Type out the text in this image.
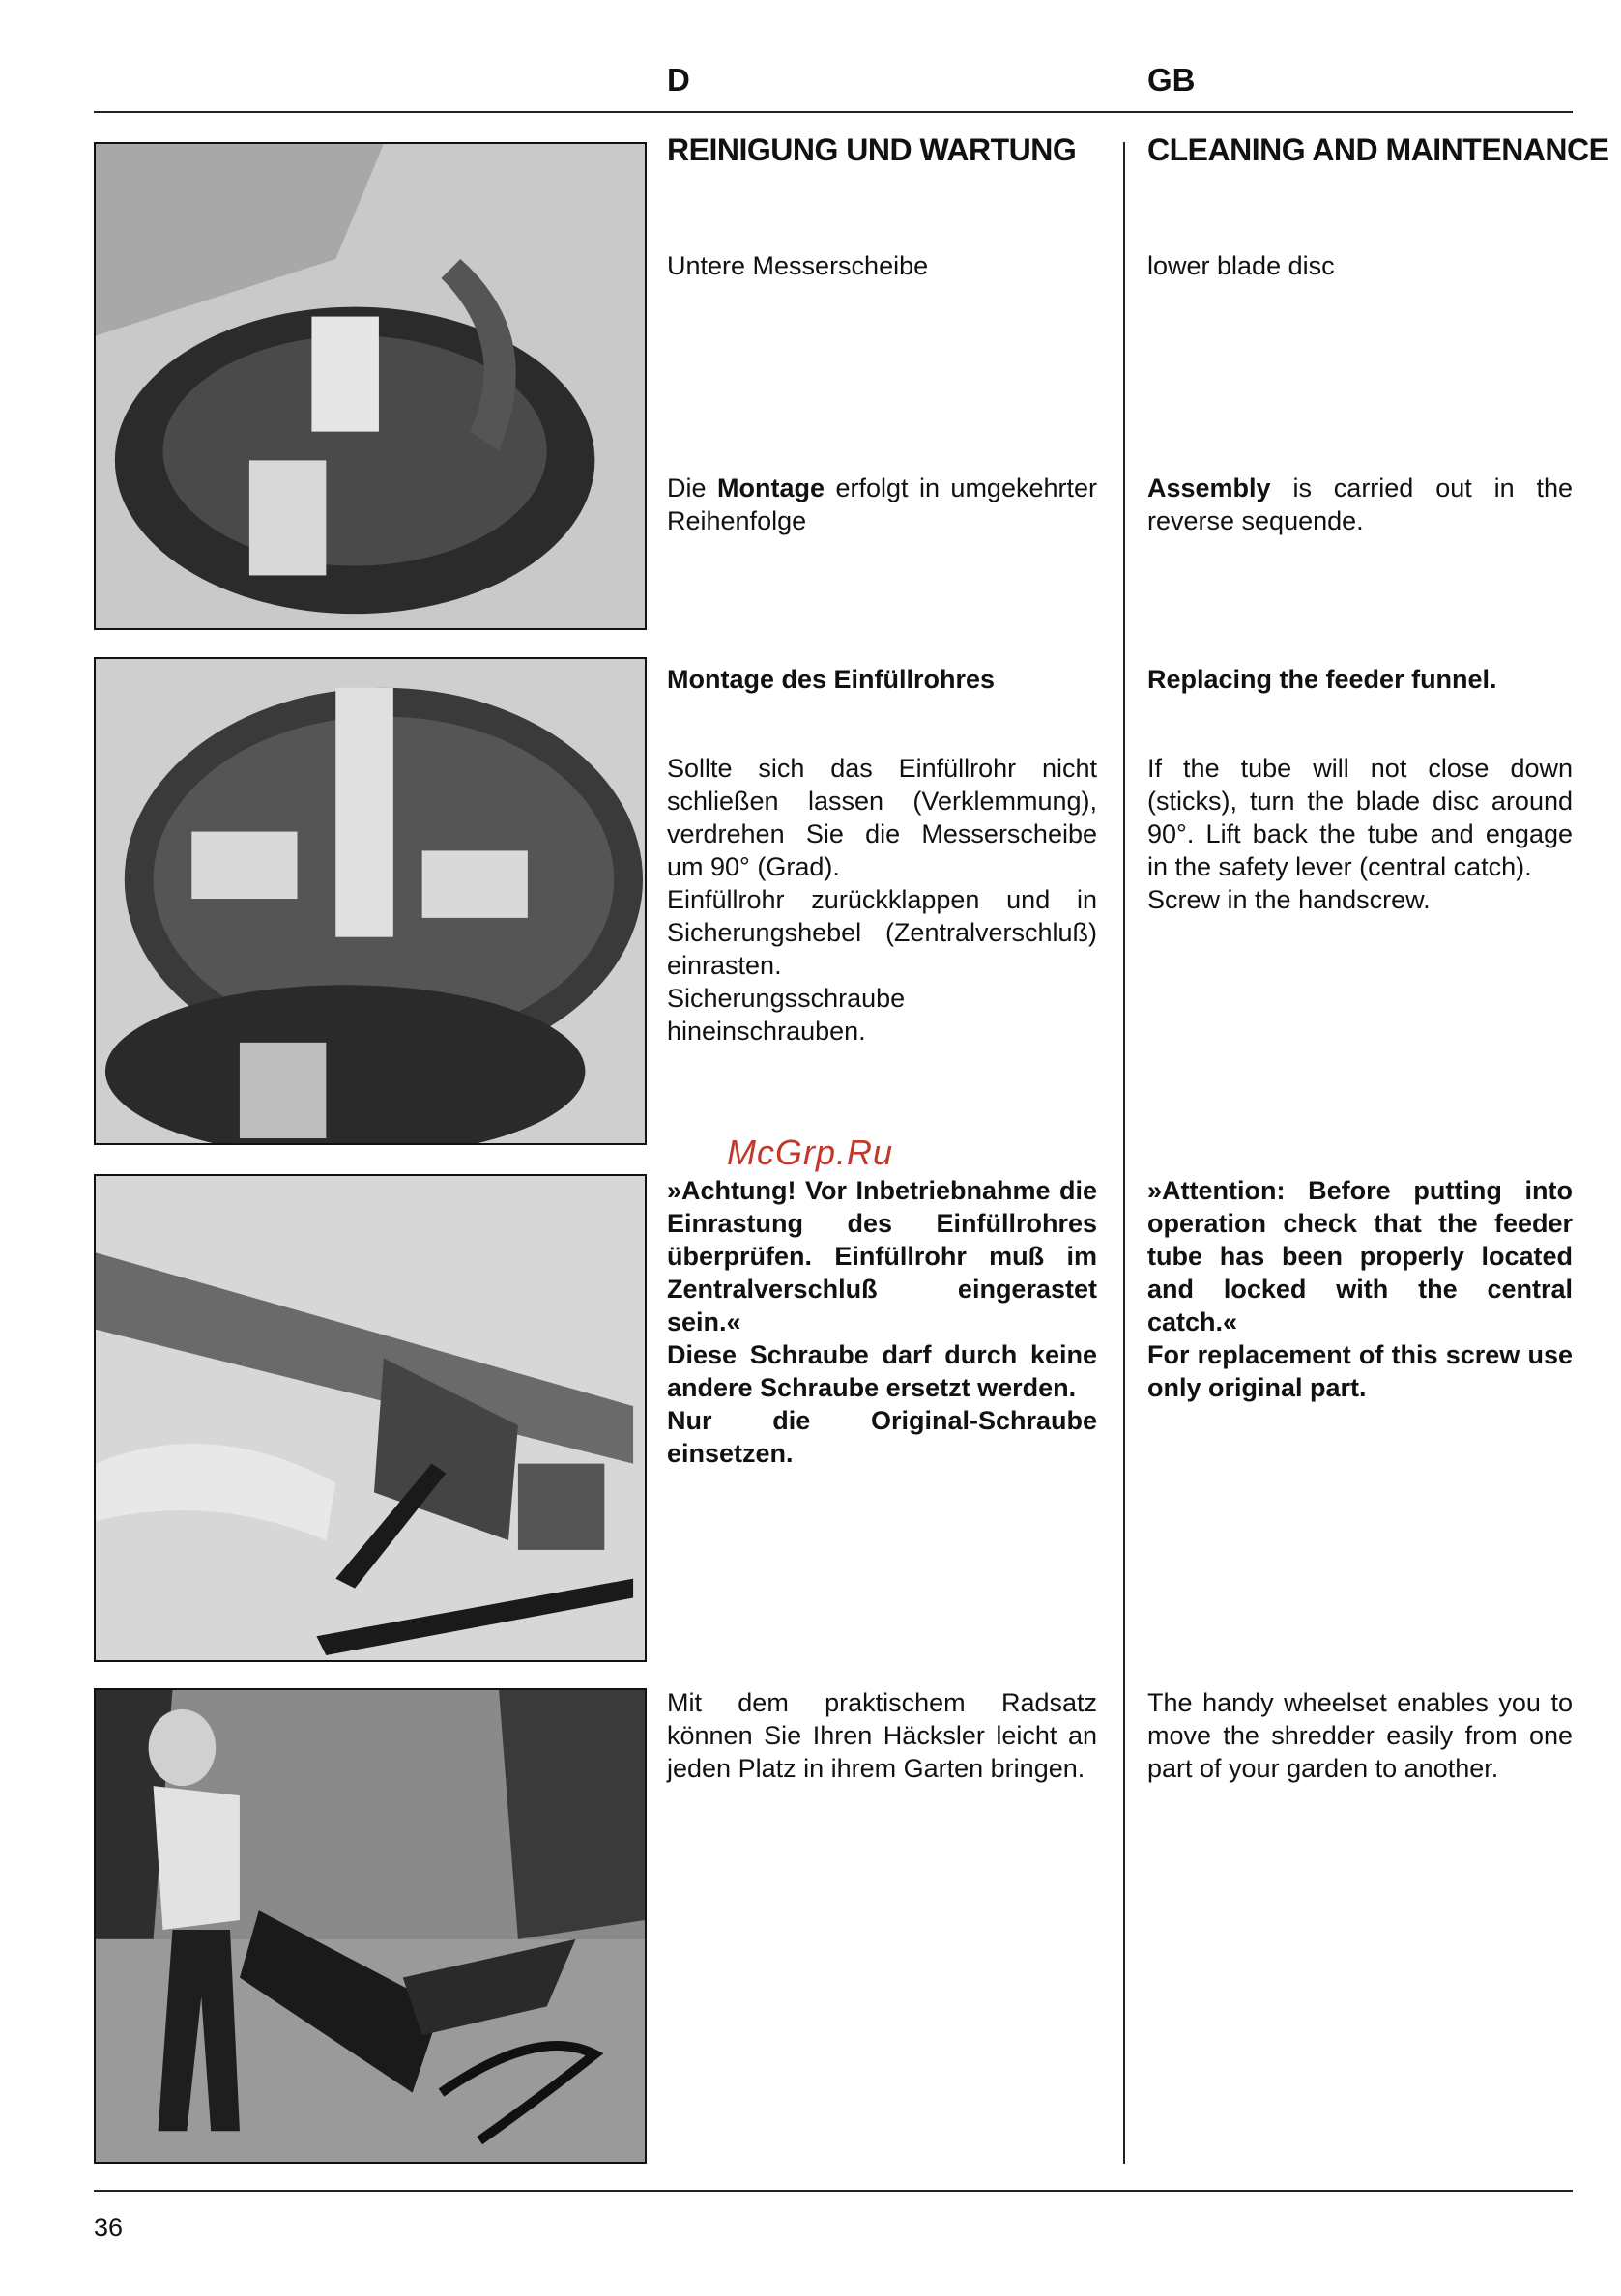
D	GB
REINIGUNG UND WARTUNG
Untere Messerscheibe
Die Montage erfolgt in umgekehrter Reihenfolge
Montage des Einfüllrohres

Sollte sich das Einfüllrohr nicht schließen lassen (Verklemmung), verdrehen Sie die Messerscheibe um 90° (Grad).

Einfüllrohr zurückklappen und in Sicherungshebel (Zentralverschluß) einrasten.

Sicherungsschraube hineinschrauben.

McGrp.Ru

»Achtung! Vor Inbetriebnahme die Einrastung des Einfüllrohres überprüfen. Einfüllrohr muß im Zentralverschluß eingerastet sein.«

Diese Schraube darf durch keine andere Schraube ersetzt werden.

Nur die Original-Schraube einsetzen.

Mit dem praktischem Radsatz können Sie Ihren Häcksler leicht an jeden Platz in ihrem Garten bringen.
CLEANING AND MAINTENANCE
lower blade disc
Assembly is carried out in the reverse sequende.
Replacing the feeder funnel.

If the tube will not close down (sticks), turn the blade disc around 90°. Lift back the tube and engage in the safety lever (central catch).

Screw in the handscrew.

»Attention: Before putting into operation check that the feeder tube has been properly located and locked with the central catch.«

For replacement of this screw use only original part.

The handy wheelset enables you to move the shredder easily from one part of your garden to another.
36
